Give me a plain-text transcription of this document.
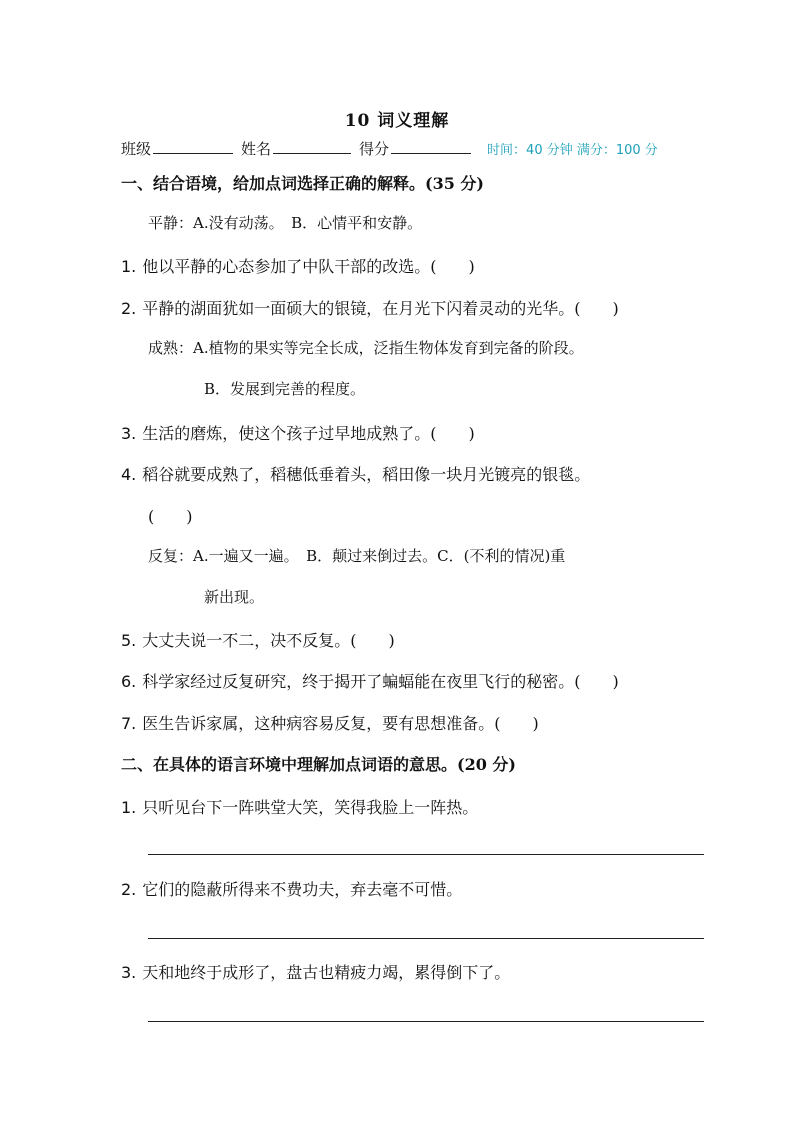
10 词义理解
班级	姓名	得分	时间：40 分钟 满分：100 分
一、结合语境，给加点词选择正确的解释。(35 分)
平静：A.没有动荡。　B．心情平和安静。
1. 他以平静的心态参加了中队干部的改选。(　　)
2. 平静的湖面犹如一面硕大的银镜，在月光下闪着灵动的光华。(　　)
成熟：A.植物的果实等完全长成，泛指生物体发育到完备的阶段。
B．发展到完善的程度。
3. 生活的磨炼，使这个孩子过早地成熟了。(　　)
4. 稻谷就要成熟了，稻穗低垂着头，稻田像一块月光镀亮的银毯。
(　　)
反复：A.一遍又一遍。　B．颠过来倒过去。C．(不利的情况)重
新出现。
5. 大丈夫说一不二，决不反复。(　　)
6. 科学家经过反复研究，终于揭开了蝙蝠能在夜里飞行的秘密。(　　)
7. 医生告诉家属，这种病容易反复，要有思想准备。(　　)
二、在具体的语言环境中理解加点词语的意思。(20 分)
1. 只听见台下一阵哄堂大笑，笑得我脸上一阵热。
2. 它们的隐蔽所得来不费功夫，弃去毫不可惜。
3. 天和地终于成形了，盘古也精疲力竭，累得倒下了。
